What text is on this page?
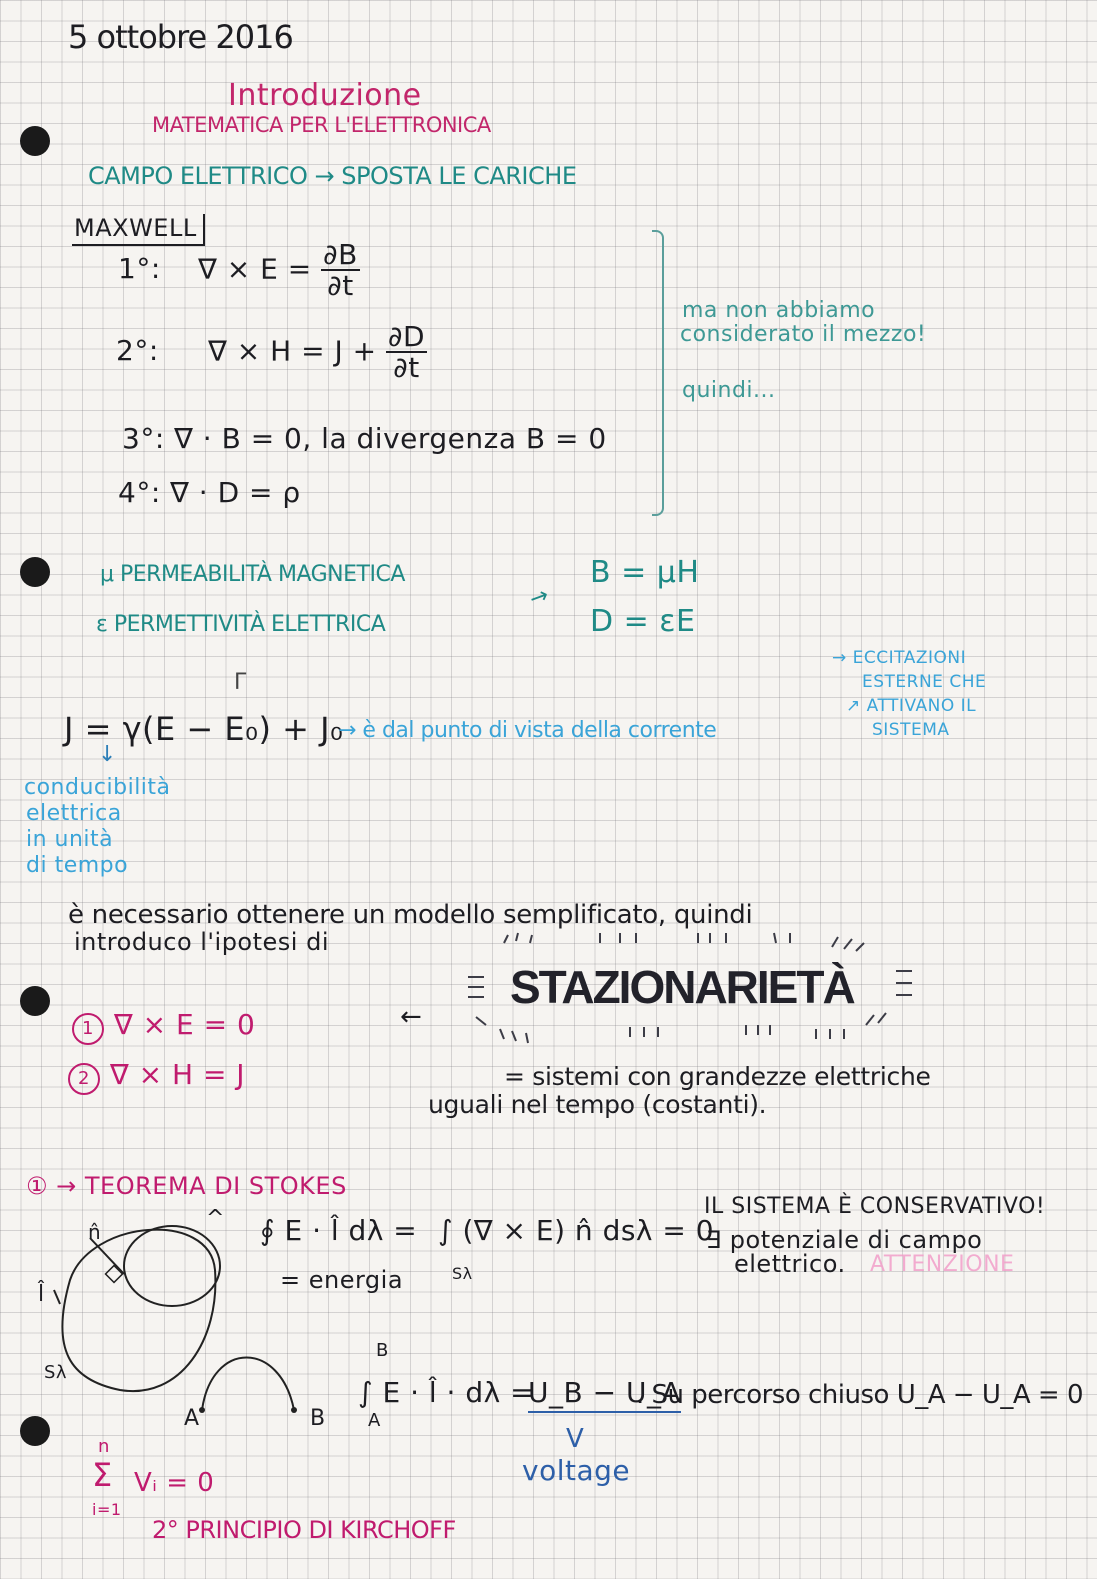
5 ottobre 2016
Introduzione
MATEMATICA PER L'ELETTRONICA
CAMPO ELETTRICO → SPOSTA LE CARICHE
MAXWELL
1°: ∇ × $E = \frac{\partial B}{\partial t}$
2°: ∇ × $H = J + \frac{\partial D}{\partial t}$
3°: ∇ · B = 0, la divergenza B = 0
4°: ∇ · D = ρ
ma non abbiamo
considerato il mezzo!
quindi...
μ PERMEABILITÀ MAGNETICA
ε PERMETTIVITÀ ELETTRICA
→
B = μH
D = εE
Γ
J = γ(E − E₀) + J₀
→ è dal punto di vista della corrente
→ ECCITAZIONI
ESTERNE CHE
↗ ATTIVANO IL
SISTEMA
↓
conducibilità
elettrica
in unità
di tempo
è necessario ottenere un modello semplificato, quindi
introduco l'ipotesi di
STAZIONARIETÀ
1 ∇ × E = 0
2 ∇ × H = J
←
= sistemi con grandezze elettriche
uguali nel tempo (costanti).
① → TEOREMA DI STOKES
n̂
^
l̂
Sλ
∮ E · l̂ dλ = ∫ (∇ × E) n̂ dsλ = 0
Sλ
= energia
IL SISTEMA È CONSERVATIVO!
∃ potenziale di campo
elettrico. ATTENZIONE
A	B
B
∫ E · l̂ · dλ =
A
U_B − U_A
. Su percorso chiuso U_A − U_A = 0
V
voltage
n
Σ
i=1
Vᵢ = 0
2° PRINCIPIO DI KIRCHOFF
